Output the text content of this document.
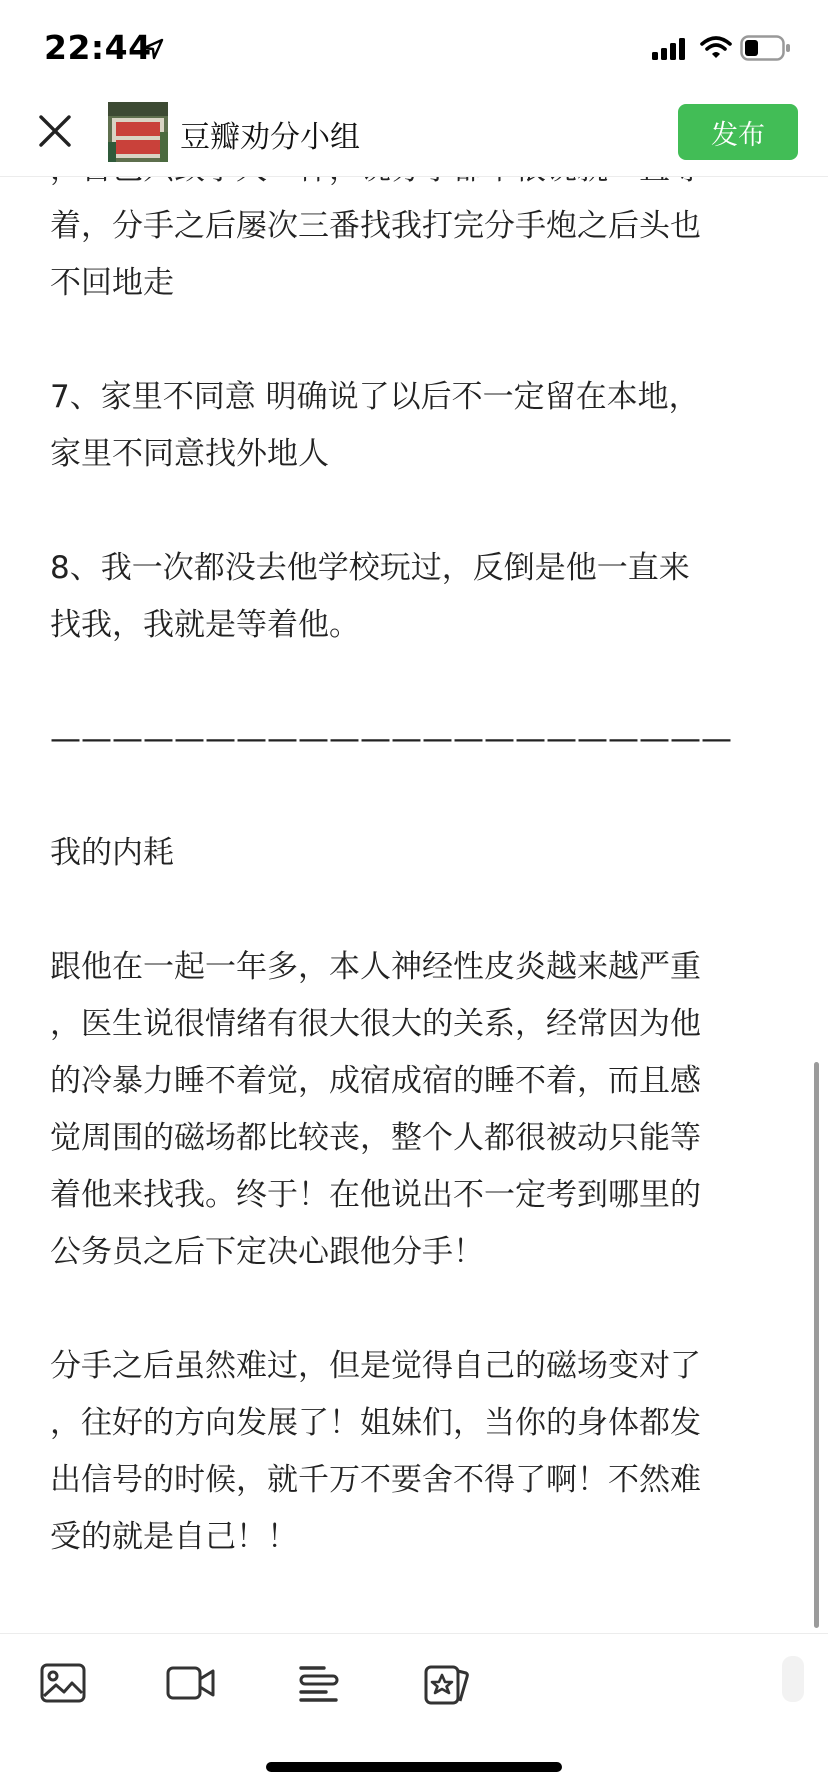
22:44
豆瓣劝分小组	发布

着，分手之后屡次三番找我打完分手炮之后头也

不回地走

7、家里不同意 明确说了以后不一定留在本地，

家里不同意找外地人

8、我一次都没去他学校玩过，反倒是他一直来

找我，我就是等着他。

——————————————————————

我的内耗

跟他在一起一年多，本人神经性皮炎越来越严重

，医生说很情绪有很大很大的关系，经常因为他

的冷暴力睡不着觉，成宿成宿的睡不着，而且感

觉周围的磁场都比较丧，整个人都很被动只能等

着他来找我。终于！在他说出不一定考到哪里的

公务员之后下定决心跟他分手！

分手之后虽然难过，但是觉得自己的磁场变对了

，往好的方向发展了！姐妹们，当你的身体都发

出信号的时候，就千万不要舍不得了啊！不然难

受的就是自己！！
